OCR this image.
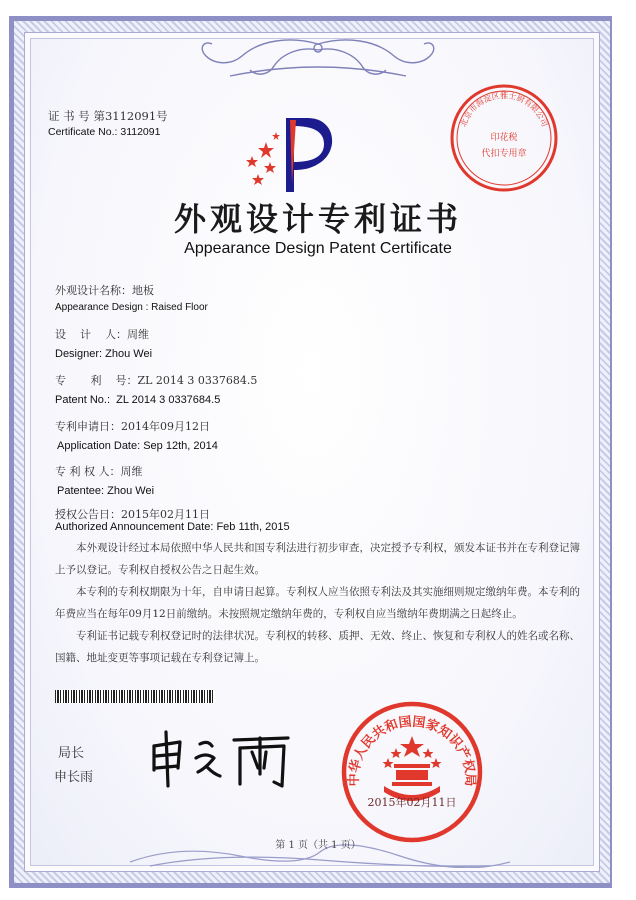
证 书 号 第3112091号
Certificate No.: 3112091
北京市海淀区雅士厨有限公司
印花税
代扣专用章
外观设计专利证书
Appearance Design Patent Certificate
外观设计名称：地板
Appearance Design : Raised Floor
设    计    人：周维
Designer: Zhou Wei
专       利    号：ZL 2014 3 0337684.5
Patent No.:  ZL 2014 3 0337684.5
专利申请日：2014年09月12日
Application Date: Sep 12th, 2014
专 利 权 人：周维
Patentee: Zhou Wei
授权公告日：2015年02月11日
Authorized Announcement Date: Feb 11th, 2015
本外观设计经过本局依照中华人民共和国专利法进行初步审查，决定授予专利权，颁发本证书并在专利登记簿上予以登记。专利权自授权公告之日起生效。
本专利的专利权期限为十年，自申请日起算。专利权人应当依照专利法及其实施细则规定缴纳年费。本专利的年费应当在每年09月12日前缴纳。未按照规定缴纳年费的，专利权自应当缴纳年费期满之日起终止。
专利证书记载专利权登记时的法律状况。专利权的转移、质押、无效、终止、恢复和专利权人的姓名或名称、国籍、地址变更等事项记载在专利登记簿上。
局长
申长雨	中华人民共和国国家知识产权局
2015年02月11日
第 1 页（共 1 页）
